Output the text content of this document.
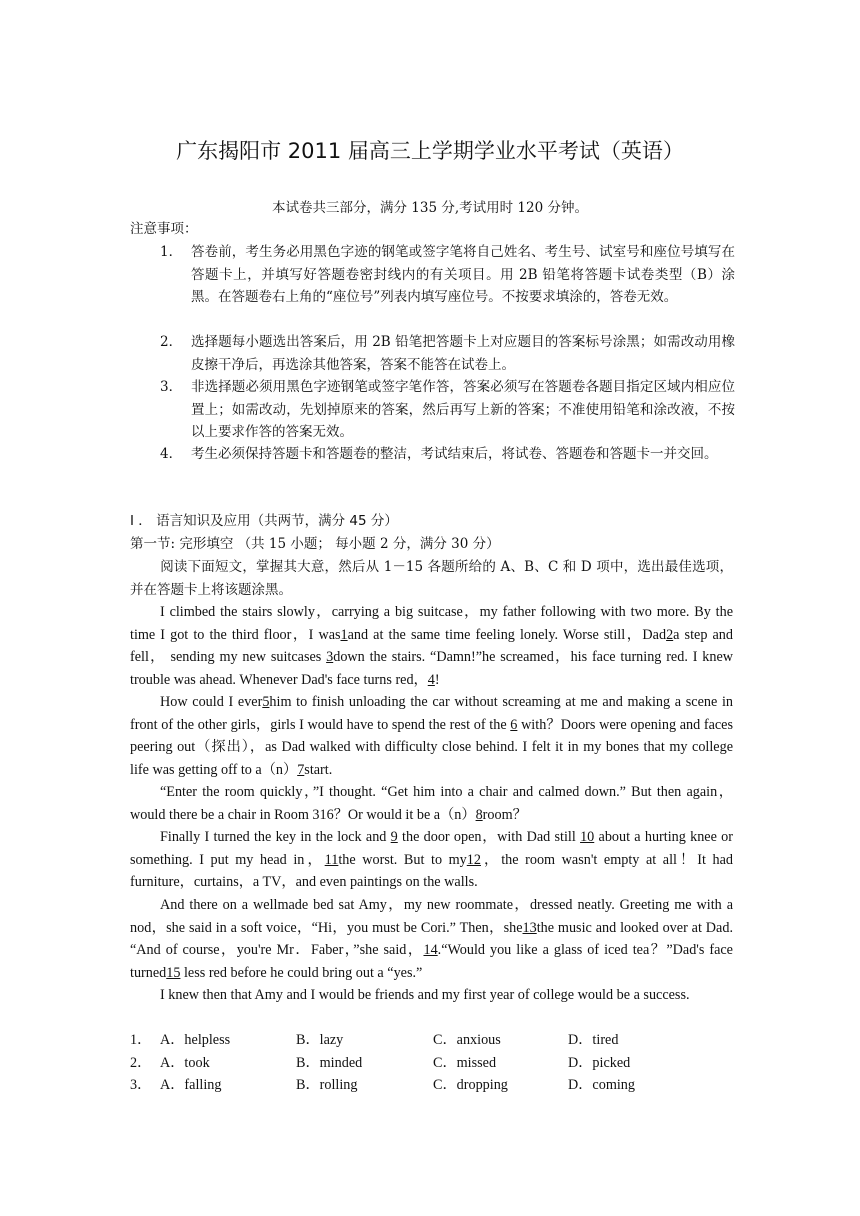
广东揭阳市 2011 届高三上学期学业水平考试（英语）
本试卷共三部分，满分 135 分,考试用时 120 分钟。
注意事项：
1． 答卷前，考生务必用黑色字迹的钢笔或签字笔将自己姓名、考生号、试室号和座位号填写在答题卡上，并填写好答题卷密封线内的有关项目。用 2B 铅笔将答题卡试卷类型（B）涂黑。在答题卷右上角的“座位号”列表内填写座位号。不按要求填涂的，答卷无效。
2． 选择题每小题选出答案后，用 2B 铅笔把答题卡上对应题目的答案标号涂黑；如需改动用橡皮擦干净后，再选涂其他答案，答案不能答在试卷上。
3． 非选择题必须用黑色字迹钢笔或签字笔作答，答案必须写在答题卷各题目指定区域内相应位置上；如需改动，先划掉原来的答案，然后再写上新的答案；不准使用铅笔和涂改液，不按以上要求作答的答案无效。
4． 考生必须保持答题卡和答题卷的整洁，考试结束后，将试卷、答题卷和答题卡一并交回。
I ． 语言知识及应用（共两节，满分 45 分）
第一节: 完形填空 （共 15 小题； 每小题 2 分，满分 30 分）
阅读下面短文，掌握其大意，然后从 1－15 各题所给的 A、B、C 和 D 项中，选出最佳选项，并在答题卡上将该题涂黑。
I climbed the stairs slowly，carrying a big suitcase，my father following with two more. By the time I got to the third floor，I was1and at the same time feeling lonely. Worse still，Dad2a step and fell， sending my new suitcases 3down the stairs. “Damn!”he screamed，his face turning red. I knew trouble was ahead. Whenever Dad's face turns red，4!
How could I ever5him to finish unloading the car without screaming at me and making a scene in front of the other girls，girls I would have to spend the rest of the 6 with？Doors were opening and faces peering out（探出），as Dad walked with difficulty close behind. I felt it in my bones that my college life was getting off to a（n）7start.
“Enter the room quickly，”I thought. “Get him into a chair and calmed down.” But then again，would there be a chair in Room 316？Or would it be a（n）8room？
Finally I turned the key in the lock and 9 the door open，with Dad still 10 about a hurting knee or something. I put my head in，11the worst. But to my12，the room wasn't empty at all！It had furniture，curtains，a TV，and even paintings on the walls.
And there on a wellmade bed sat Amy，my new roommate，dressed neatly. Greeting me with a nod，she said in a soft voice，“Hi，you must be Cori.” Then，she13the music and looked over at Dad. “And of course，you're Mr．Faber，”she said，14.“Would you like a glass of iced tea？”Dad's face turned15 less red before he could bring out a “yes.”
I knew then that Amy and I would be friends and my first year of college would be a success.
1． A．helpless	B．lazy	C．anxious	D．tired
2． A．took	B．minded	C．missed	D．picked
3． A．falling	B．rolling	C．dropping	D．coming
